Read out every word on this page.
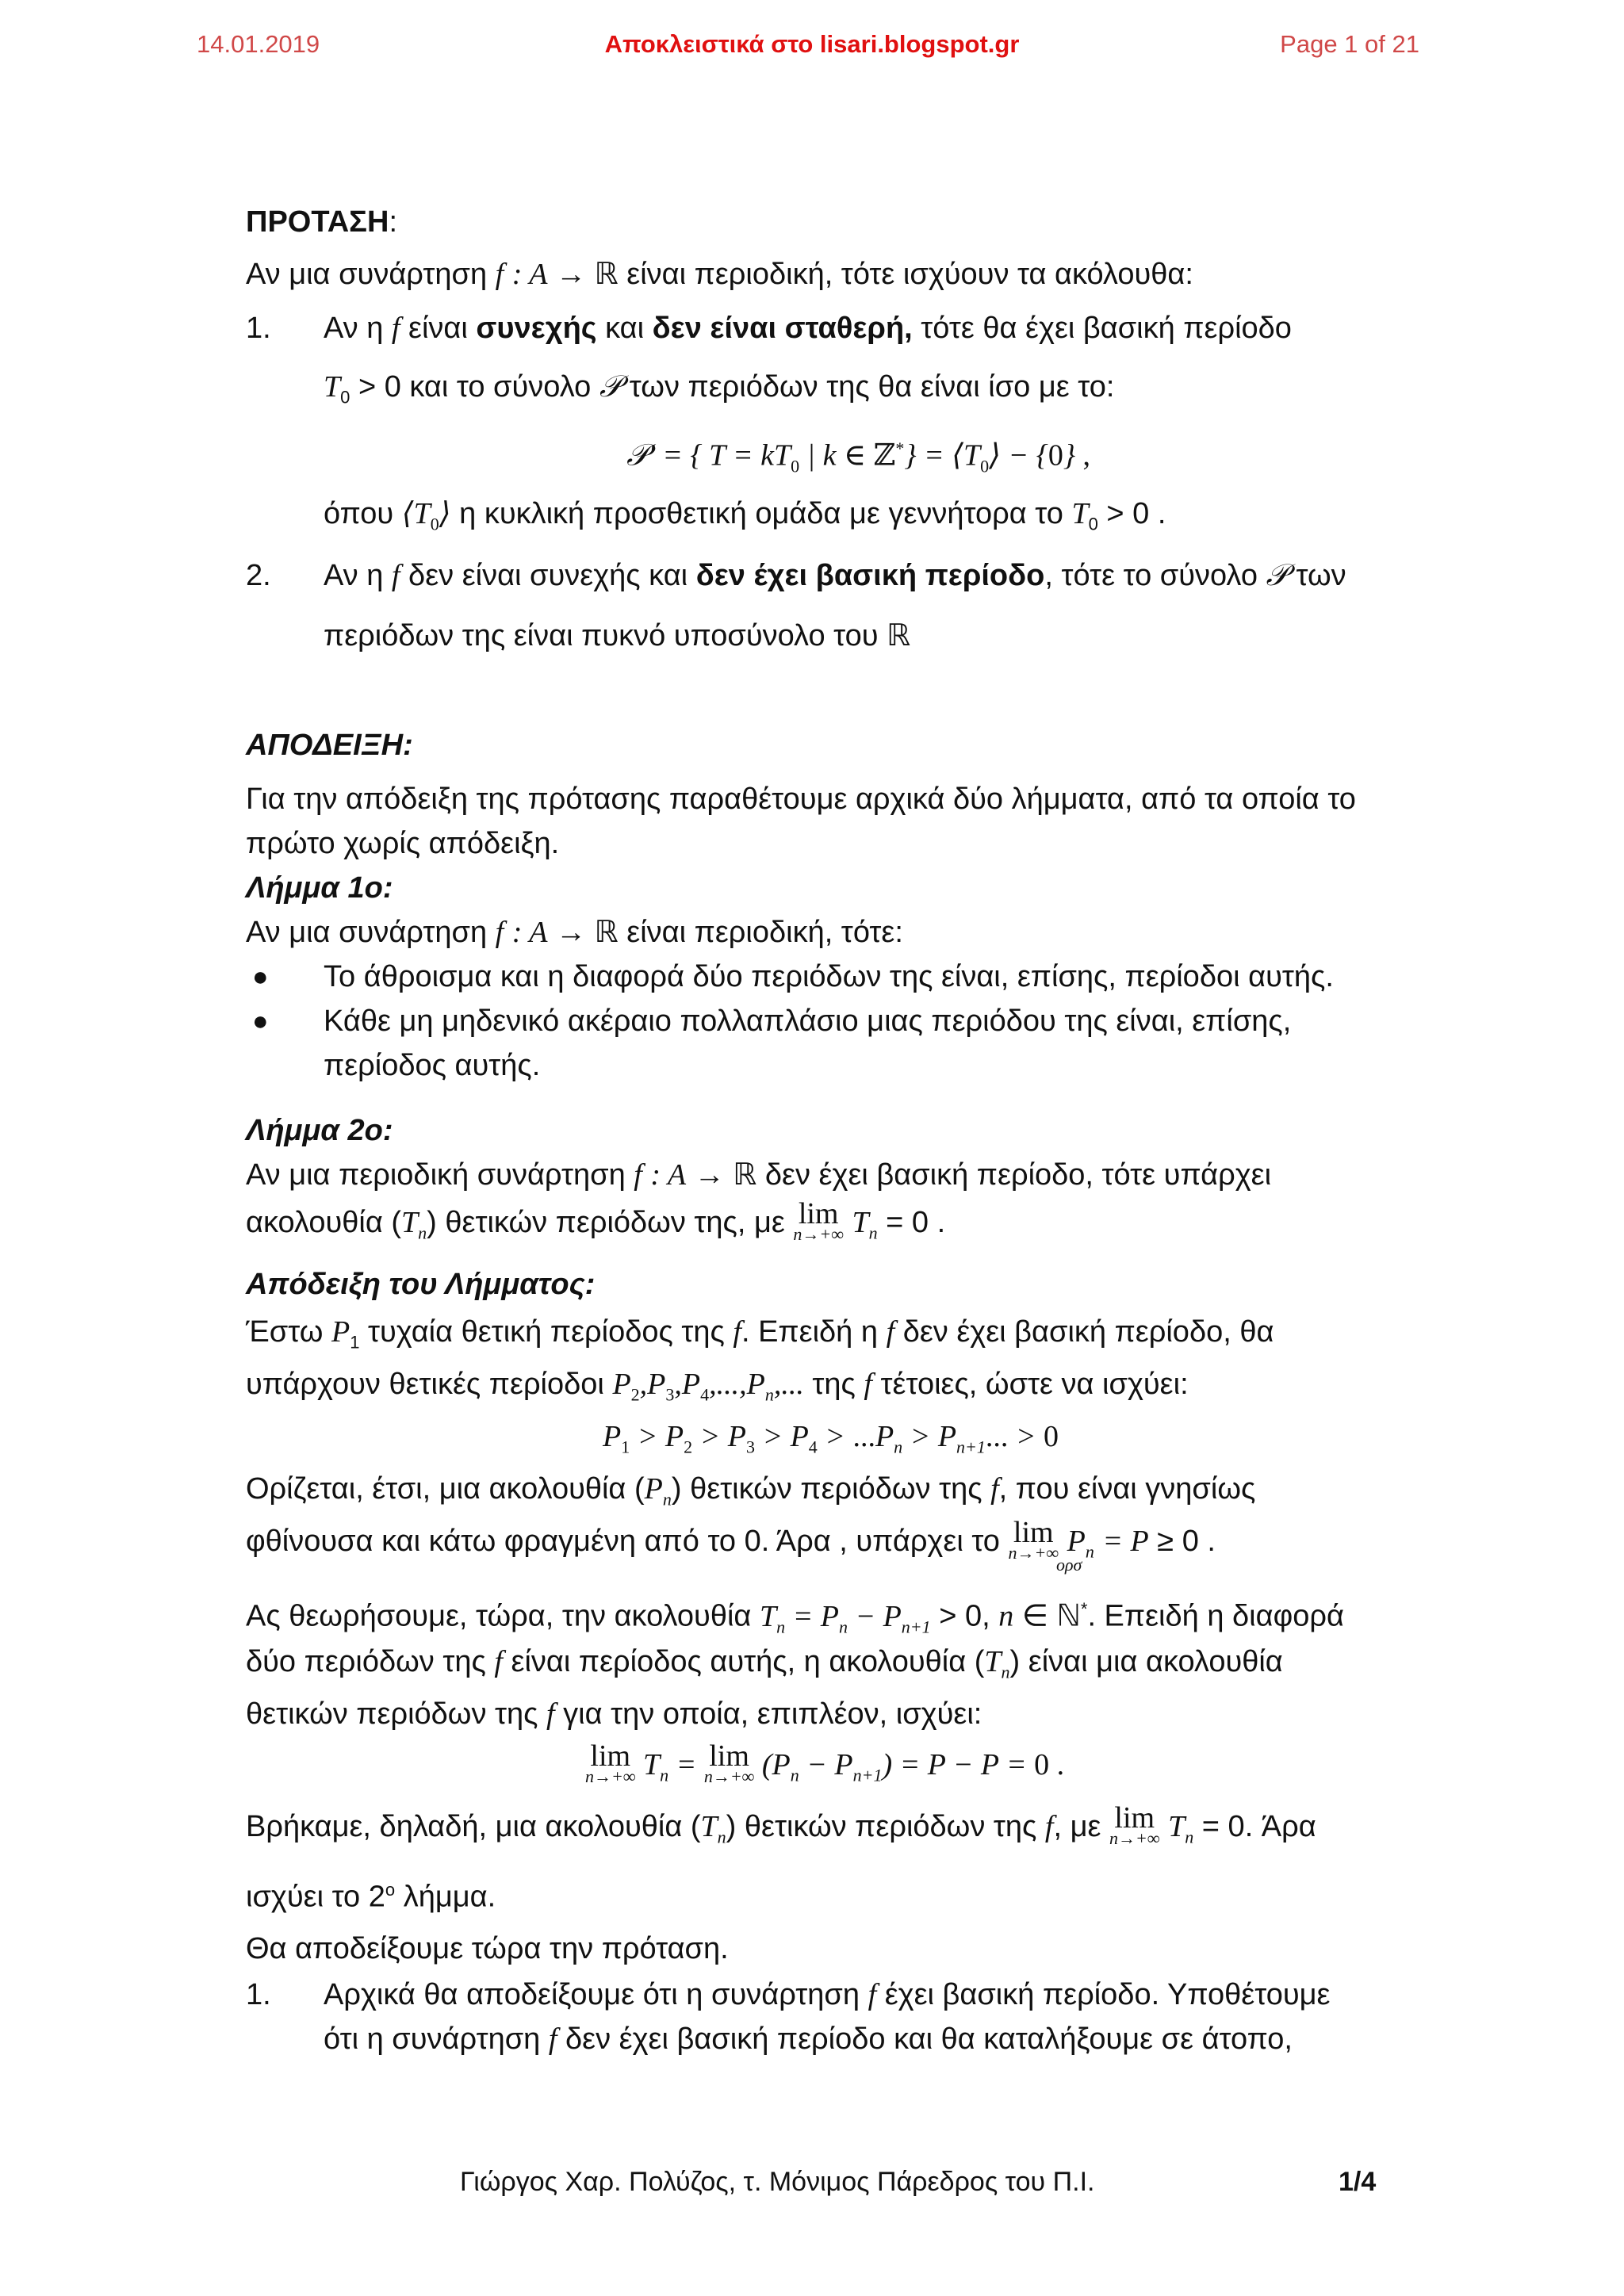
14.01.2019	Αποκλειστικά στο lisari.blogspot.gr	Page 1 of 21
ΠΡΟΤΑΣΗ:
Αν μια συνάρτηση f : A → ℝ είναι περιοδική, τότε ισχύουν τα ακόλουθα:
1. Αν η f είναι συνεχής και δεν είναι σταθερή, τότε θα έχει βασική περίοδο
$T_0 > 0$ και το σύνολο 𝒫 των περιόδων της θα είναι ίσο με το:
𝒫′ = { $T = kT_0$ | k ∈ ℤ*} = $⟨T_0⟩ - \{0\}$ ,
όπου $⟨T_0⟩$ η κυκλική προσθετική ομάδα με γεννήτορα το $T_0 > 0$ .
2. Αν η f δεν είναι συνεχής και δεν έχει βασική περίοδο, τότε το σύνολο 𝒫 των
περιόδων της είναι πυκνό υποσύνολο του ℝ
ΑΠΟΔΕΙΞΗ:
Για την απόδειξη της πρότασης παραθέτουμε αρχικά δύο λήμματα, από τα οποία το πρώτο χωρίς απόδειξη.
Λήμμα 1ο:
Αν μια συνάρτηση f : A → ℝ είναι περιοδική, τότε:
● Το άθροισμα και η διαφορά δύο περιόδων της είναι, επίσης, περίοδοι αυτής.
● Κάθε μη μηδενικό ακέραιο πολλαπλάσιο μιας περιόδου της είναι, επίσης, περίοδος αυτής.
Λήμμα 2ο:
Αν μια περιοδική συνάρτηση f : A → ℝ δεν έχει βασική περίοδο, τότε υπάρχει
ακολουθία $(T_n)$ θετικών περιόδων της, με lim
n→+∞ $T_n = 0$ .
Απόδειξη του Λήμματος:
Έστω $P_1$ τυχαία θετική περίοδος της f. Επειδή η f δεν έχει βασική περίοδο, θα
υπάρχουν θετικές περίοδοι $P_2,P_3,P_4,...,P_n$,... της f τέτοιες, ώστε να ισχύει:
$P_1 > P_2 > P_3 > P_4 > ...P_n > P_{n+1}$... > 0
Ορίζεται, έτσι, μια ακολουθία $(P_n)$ θετικών περιόδων της f, που είναι γνησίως
φθίνουσα και κάτω φραγμένη από το 0. Άρα , υπάρχει το lim
n→+∞ $P_n = P \ge 0$ .
ορσ
Ας θεωρήσουμε, τώρα, την ακολουθία $T_n = P_n - P_{n+1} > 0$, n ∈ ℕ*. Επειδή η διαφορά
δύο περιόδων της f είναι περίοδος αυτής, η ακολουθία $(T_n)$ είναι μια ακολουθία
θετικών περιόδων της f για την οποία, επιπλέον, ισχύει:
lim
n→+∞ $T_n = \lim$
n→+∞ $(P_n - P_{n+1}) = P - P = 0$ .
Βρήκαμε, δηλαδή, μια ακολουθία $(T_n)$ θετικών περιόδων της f, με lim
n→+∞ $T_n = 0$. Άρα
ισχύει το $2^o$ λήμμα.
Θα αποδείξουμε τώρα την πρόταση.
1. Αρχικά θα αποδείξουμε ότι η συνάρτηση f έχει βασική περίοδο. Υποθέτουμε
ότι η συνάρτηση f δεν έχει βασική περίοδο και θα καταλήξουμε σε άτοπο,
Γιώργος Χαρ. Πολύζος, τ. Μόνιμος Πάρεδρος του Π.Ι.	1/4
